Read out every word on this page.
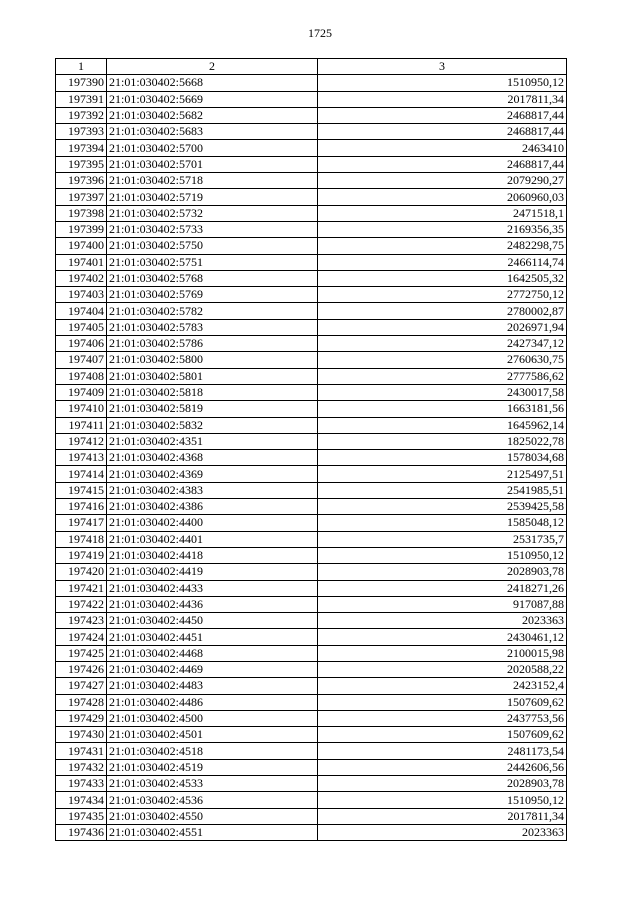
1725
1	2	3
197390	21:01:030402:5668	1510950,12
197391	21:01:030402:5669	2017811,34
197392	21:01:030402:5682	2468817,44
197393	21:01:030402:5683	2468817,44
197394	21:01:030402:5700	2463410
197395	21:01:030402:5701	2468817,44
197396	21:01:030402:5718	2079290,27
197397	21:01:030402:5719	2060960,03
197398	21:01:030402:5732	2471518,1
197399	21:01:030402:5733	2169356,35
197400	21:01:030402:5750	2482298,75
197401	21:01:030402:5751	2466114,74
197402	21:01:030402:5768	1642505,32
197403	21:01:030402:5769	2772750,12
197404	21:01:030402:5782	2780002,87
197405	21:01:030402:5783	2026971,94
197406	21:01:030402:5786	2427347,12
197407	21:01:030402:5800	2760630,75
197408	21:01:030402:5801	2777586,62
197409	21:01:030402:5818	2430017,58
197410	21:01:030402:5819	1663181,56
197411	21:01:030402:5832	1645962,14
197412	21:01:030402:4351	1825022,78
197413	21:01:030402:4368	1578034,68
197414	21:01:030402:4369	2125497,51
197415	21:01:030402:4383	2541985,51
197416	21:01:030402:4386	2539425,58
197417	21:01:030402:4400	1585048,12
197418	21:01:030402:4401	2531735,7
197419	21:01:030402:4418	1510950,12
197420	21:01:030402:4419	2028903,78
197421	21:01:030402:4433	2418271,26
197422	21:01:030402:4436	917087,88
197423	21:01:030402:4450	2023363
197424	21:01:030402:4451	2430461,12
197425	21:01:030402:4468	2100015,98
197426	21:01:030402:4469	2020588,22
197427	21:01:030402:4483	2423152,4
197428	21:01:030402:4486	1507609,62
197429	21:01:030402:4500	2437753,56
197430	21:01:030402:4501	1507609,62
197431	21:01:030402:4518	2481173,54
197432	21:01:030402:4519	2442606,56
197433	21:01:030402:4533	2028903,78
197434	21:01:030402:4536	1510950,12
197435	21:01:030402:4550	2017811,34
197436	21:01:030402:4551	2023363
